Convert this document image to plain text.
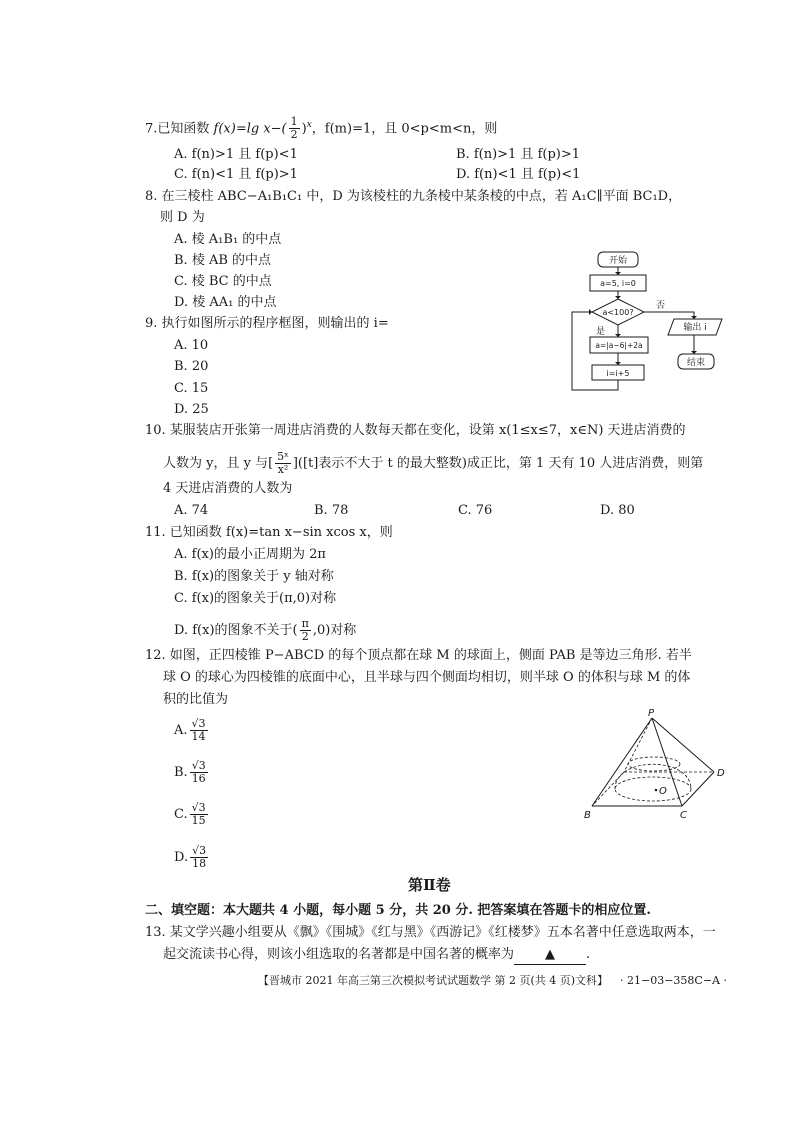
7.已知函数 f(x)=lg $x-( \frac{1}{2} )^x$，f(m)=1，且 0<p<m<n，则
A. f(n)>1 且 f(p)<1	B. f(n)>1 且 f(p)>1
C. f(n)<1 且 f(p)>1	D. f(n)<1 且 f(p)<1
8. 在三棱柱 ABC−A₁B₁C₁ 中，D 为该棱柱的九条棱中某条棱的中点，若 A₁C∥平面 BC₁D，
则 D 为
A. 棱 A₁B₁ 的中点
B. 棱 AB 的中点
C. 棱 BC 的中点
D. 棱 AA₁ 的中点
9. 执行如图所示的程序框图，则输出的 i=
A. 10
B. 20
C. 15
D. 25
开始
a=5, i=0
a<100?
是
否
a=|a−6|+2a
i=i+5
输出 i
结束
10. 某服装店开张第一周进店消费的人数每天都在变化，设第 x(1≤x≤7，x∈N) 天进店消费的
人数为 y，且 y 与[ $\frac{\text{5ˣ}}{\text{x²}} ]([t]$表示不大于 t 的最大整数)成正比，第 1 天有 10 人进店消费，则第
4 天进店消费的人数为
A. 74	B. 78	C. 76	D. 80
11. 已知函数 f(x)=tan x−sin xcos x，则
A. f(x)的最小正周期为 2π
B. f(x)的图象关于 y 轴对称
C. f(x)的图象关于(π,0)对称
D. f(x)的图象不关于( $\frac{\pi}{2} ,0$)对称
12. 如图，正四棱锥 P−ABCD 的每个顶点都在球 M 的球面上，侧面 PAB 是等边三角形. 若半
球 O 的球心为四棱锥的底面中心，且半球与四个侧面均相切，则半球 O 的体积与球 M 的体
积的比值为
A. $\frac{√3}{14}$
B. $\frac{√3}{16}$
C. $\frac{√3}{15}$
D. $\frac{√3}{18}$
P
B	C
D
O
第Ⅱ卷
二、填空题：本大题共 4 小题，每小题 5 分，共 20 分. 把答案填在答题卡的相应位置.
13. 某文学兴趣小组要从《飘》《围城》《红与黑》《西游记》《红楼梦》五本名著中任意选取两本，一
起交流读书心得，则该小组选取的名著都是中国名著的概率为 ▲ .
【晋城市 2021 年高三第三次模拟考试试题数学 第 2 页(共 4 页)文科】 · 21−03−358C−A ·
